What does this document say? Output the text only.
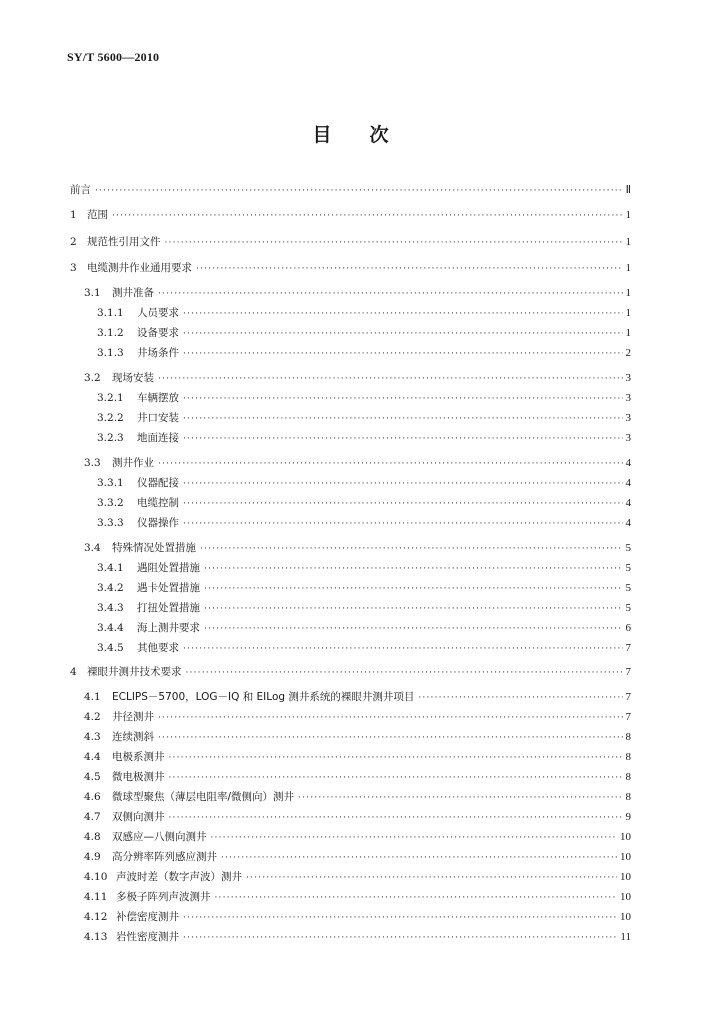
SY/T 5600—2010
目 次
前言 ·····	Ⅱ
1 范围 ·····	1
2 规范性引用文件 ·····	1
3 电缆测井作业通用要求 ·····	1
3.1	测井准备 ·····	1
3.1.1	人员要求 ·····	1
3.1.2	设备要求 ·····	1
3.1.3	井场条件 ·····	2
3.2	现场安装 ·····	3
3.2.1	车辆摆放 ·····	3
3.2.2	井口安装 ·····	3
3.2.3	地面连接 ·····	3
3.3	测井作业 ·····	4
3.3.1	仪器配接 ·····	4
3.3.2	电缆控制 ·····	4
3.3.3	仪器操作 ·····	4
3.4	特殊情况处置措施 ·····	5
3.4.1	遇阻处置措施 ·····	5
3.4.2	遇卡处置措施 ·····	5
3.4.3	打扭处置措施 ·····	5
3.4.4	海上测井要求 ·····	6
3.4.5	其他要求 ·····	7
4 裸眼井测井技术要求 ·····	7
4.1	ECLIPS－5700，LOG－IQ 和 EILog 测井系统的裸眼井测井项目 ·····	7
4.2	井径测井 ·····	7
4.3	连续测斜 ·····	8
4.4	电极系测井 ·····	8
4.5	微电极测井 ·····	8
4.6	微球型聚焦（薄层电阻率/微侧向）测井 ·····	8
4.7	双侧向测井 ·····	9
4.8	双感应—八侧向测井 ·····	10
4.9	高分辨率阵列感应测井 ·····	10
4.10 声波时差（数字声波）测井 ·····	10
4.11 多极子阵列声波测井 ·····	10
4.12 补偿密度测井 ·····	10
4.13 岩性密度测井 ·····	11
